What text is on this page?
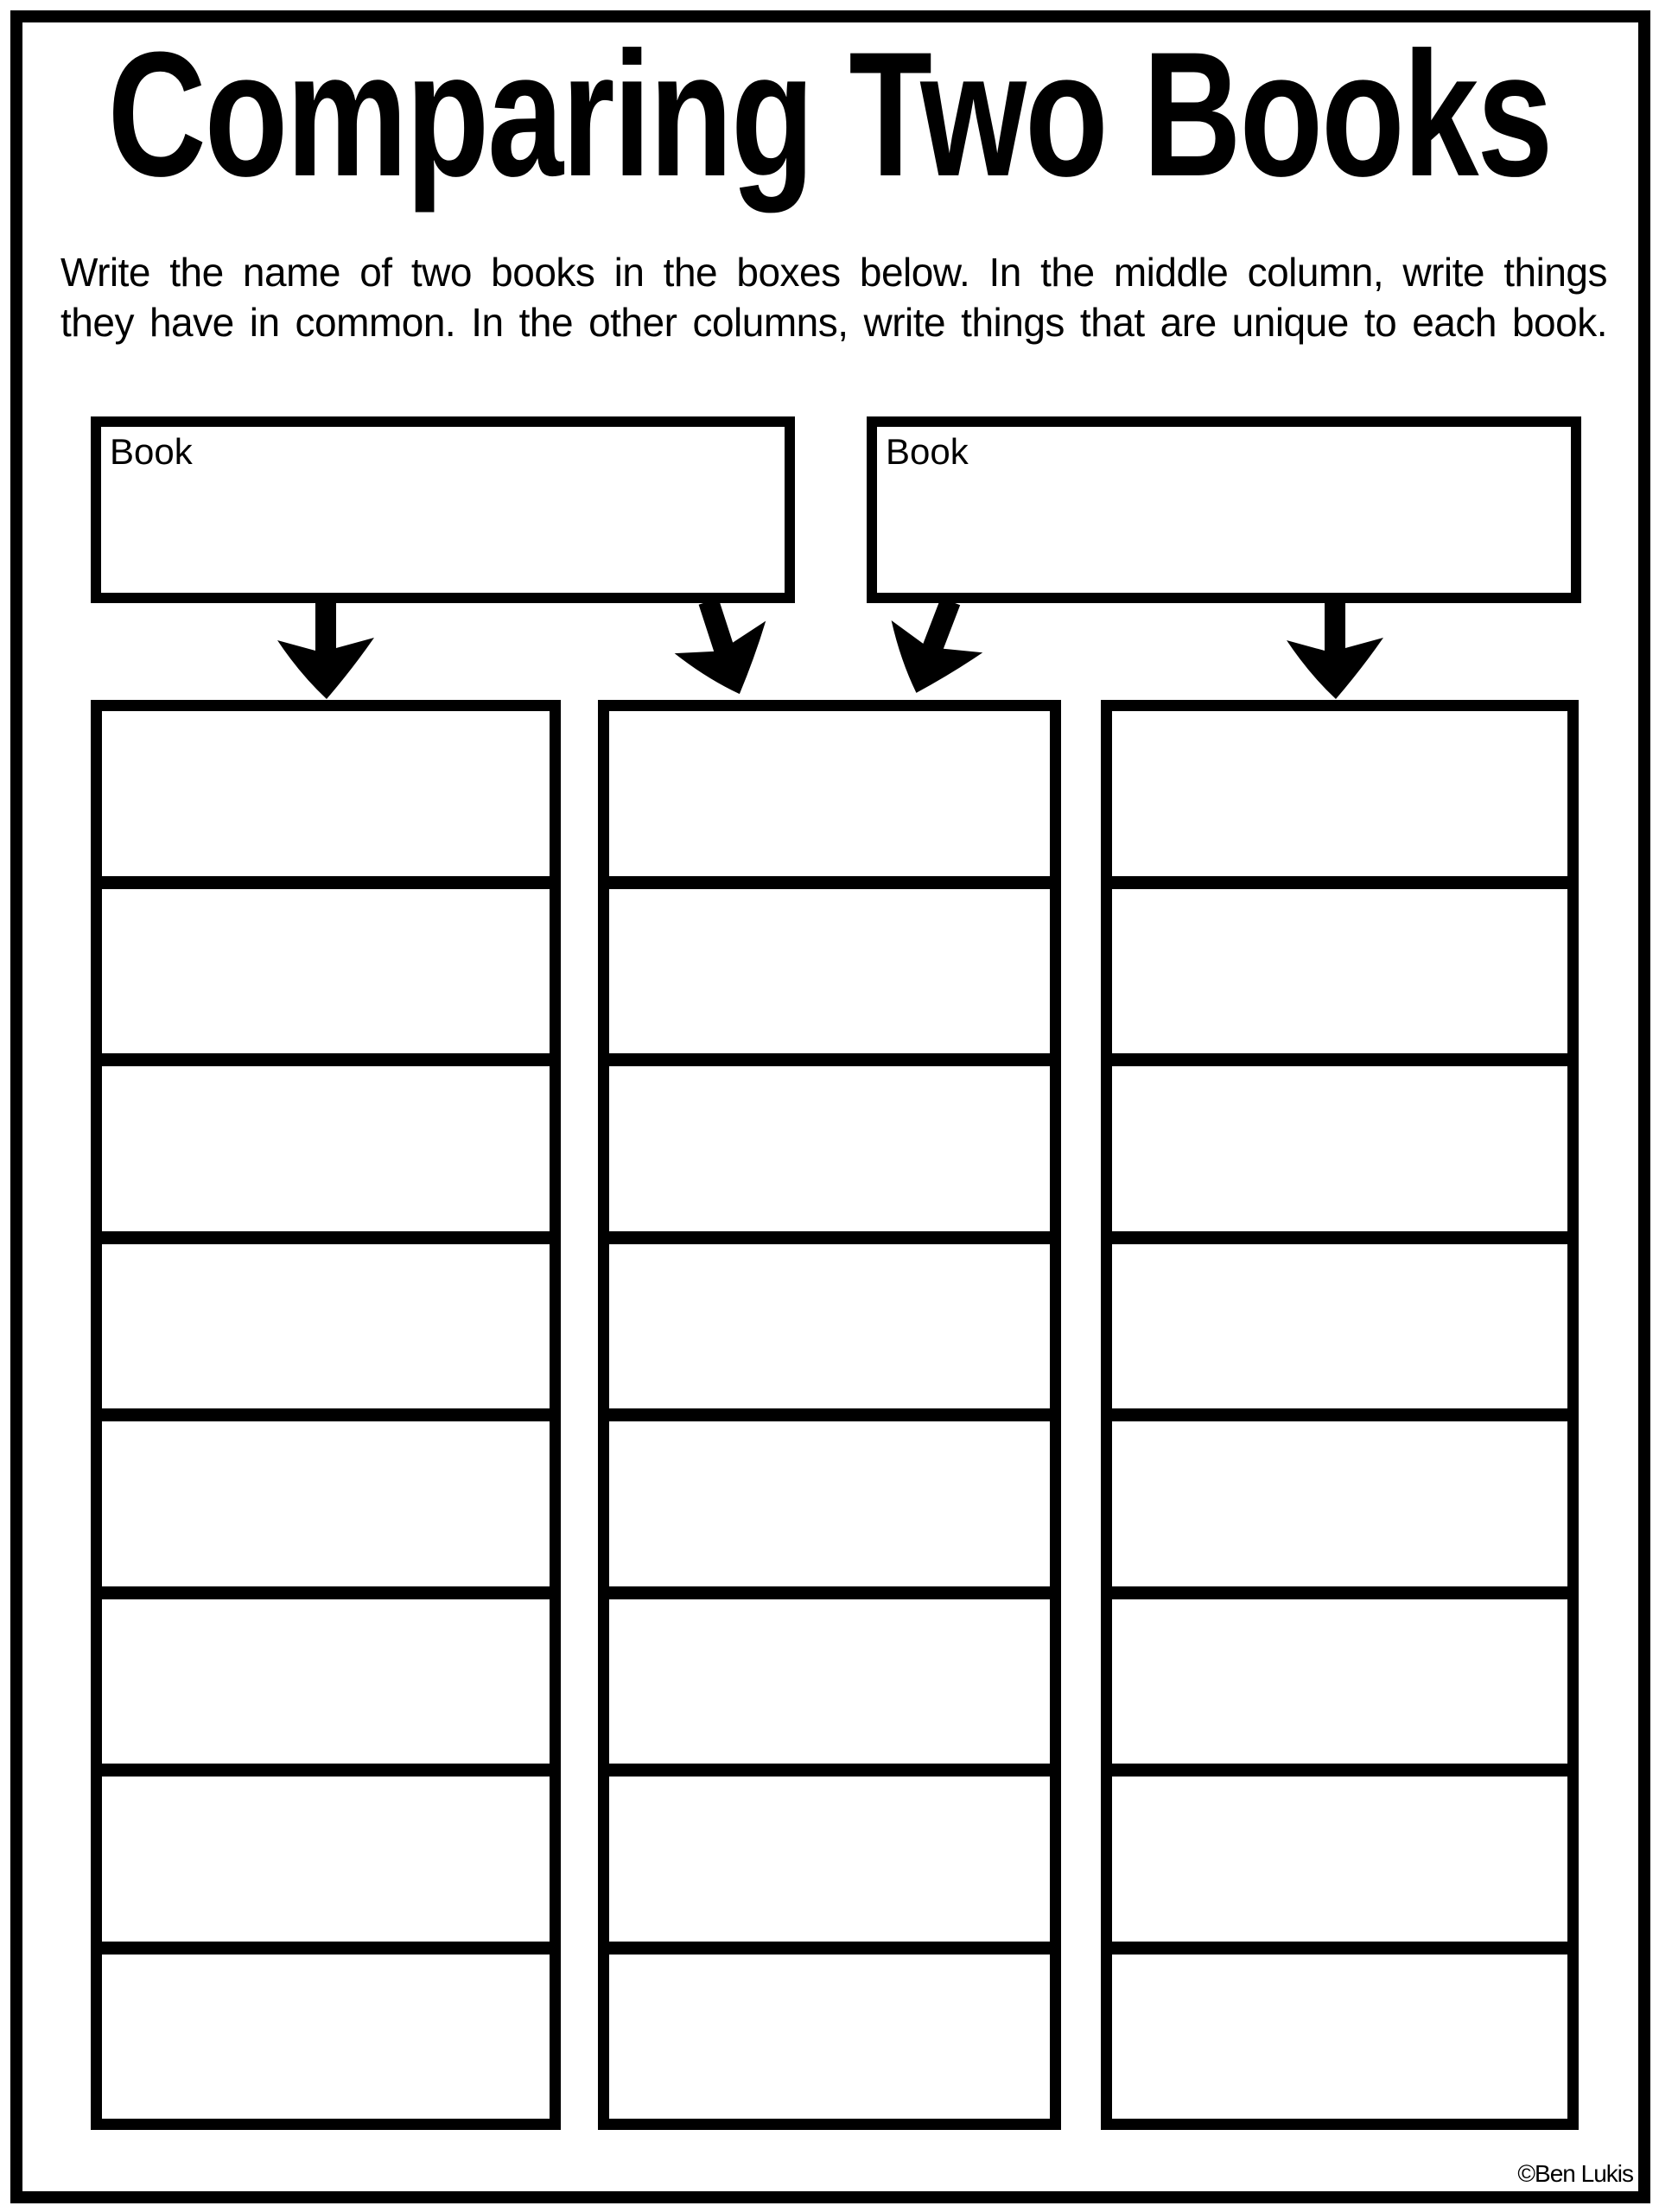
Comparing Two Books
Write the name of two books in the boxes below. In the middle column, write things
they have in common. In the other columns, write things that are unique to each book.
Book	Book
©Ben Lukis
